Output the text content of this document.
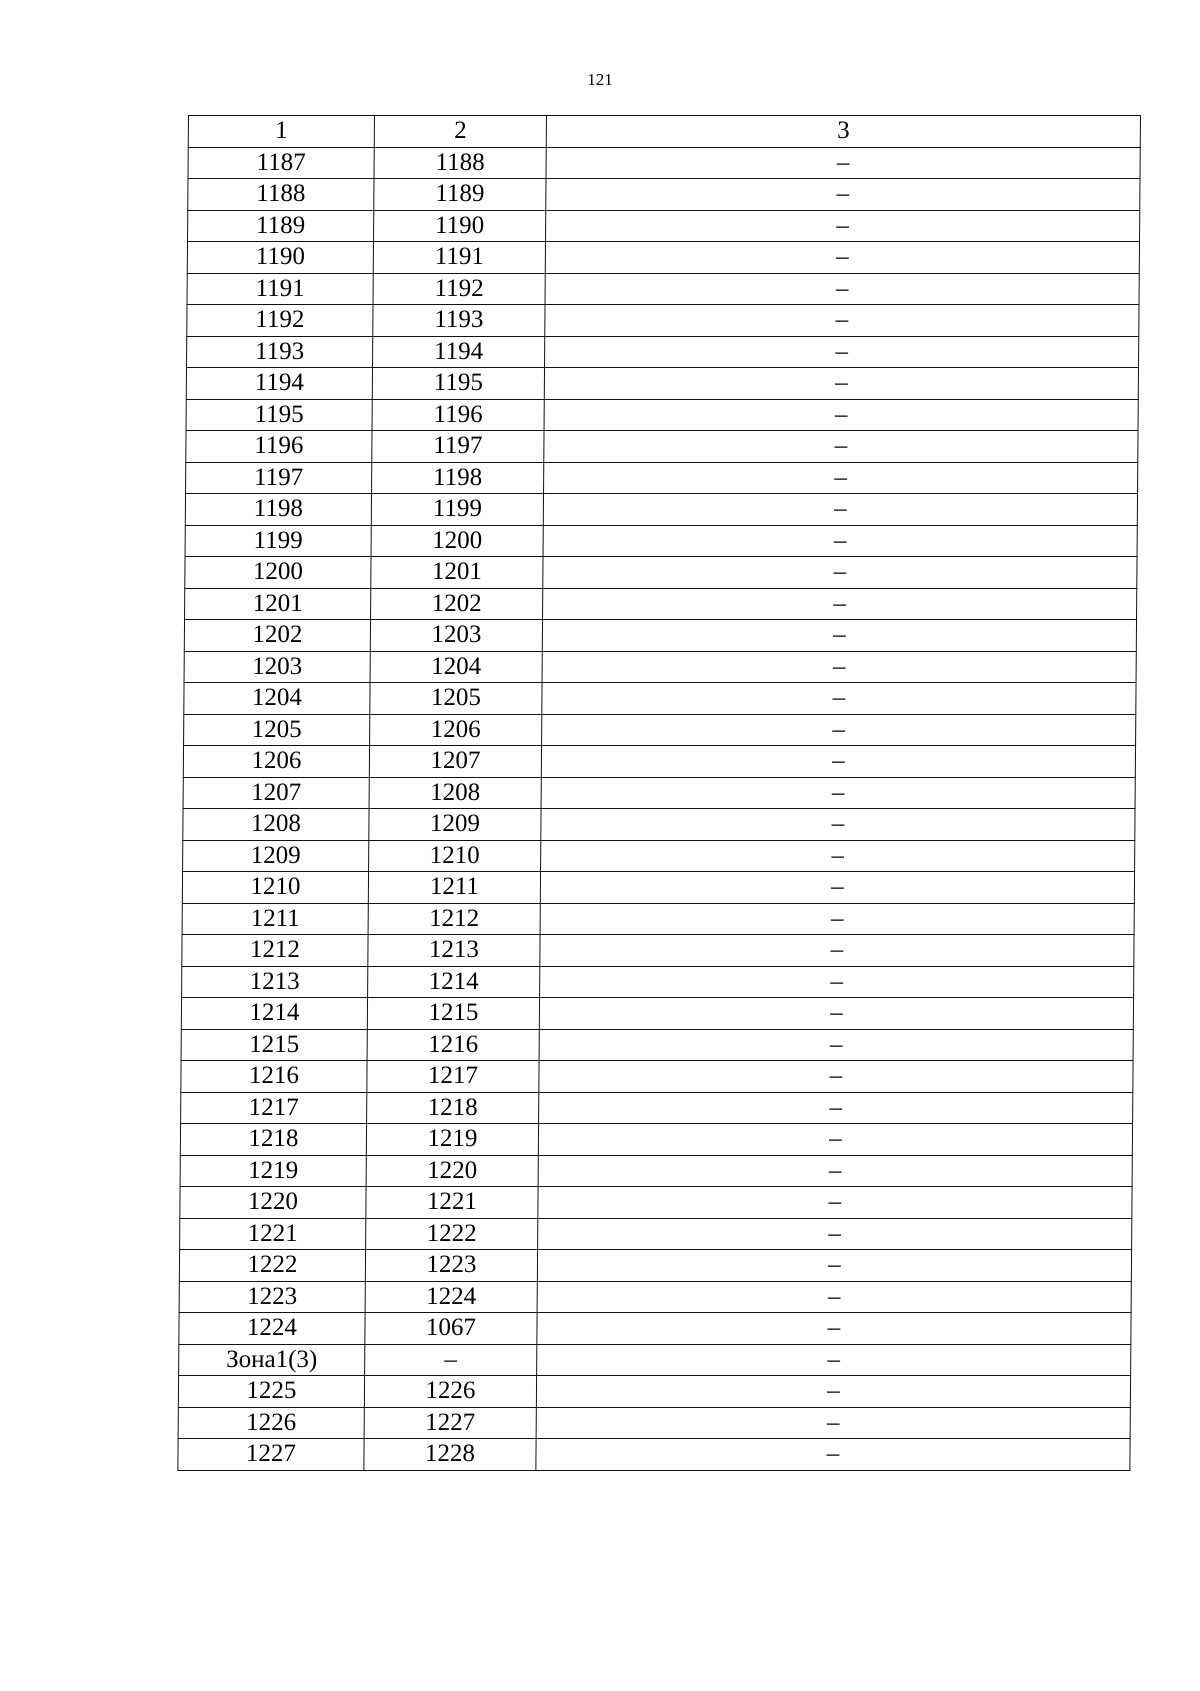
121
1	2	3
1187	1188	–
1188	1189	–
1189	1190	–
1190	1191	–
1191	1192	–
1192	1193	–
1193	1194	–
1194	1195	–
1195	1196	–
1196	1197	–
1197	1198	–
1198	1199	–
1199	1200	–
1200	1201	–
1201	1202	–
1202	1203	–
1203	1204	–
1204	1205	–
1205	1206	–
1206	1207	–
1207	1208	–
1208	1209	–
1209	1210	–
1210	1211	–
1211	1212	–
1212	1213	–
1213	1214	–
1214	1215	–
1215	1216	–
1216	1217	–
1217	1218	–
1218	1219	–
1219	1220	–
1220	1221	–
1221	1222	–
1222	1223	–
1223	1224	–
1224	1067	–
Зона1(3)	–	–
1225	1226	–
1226	1227	–
1227	1228	–
